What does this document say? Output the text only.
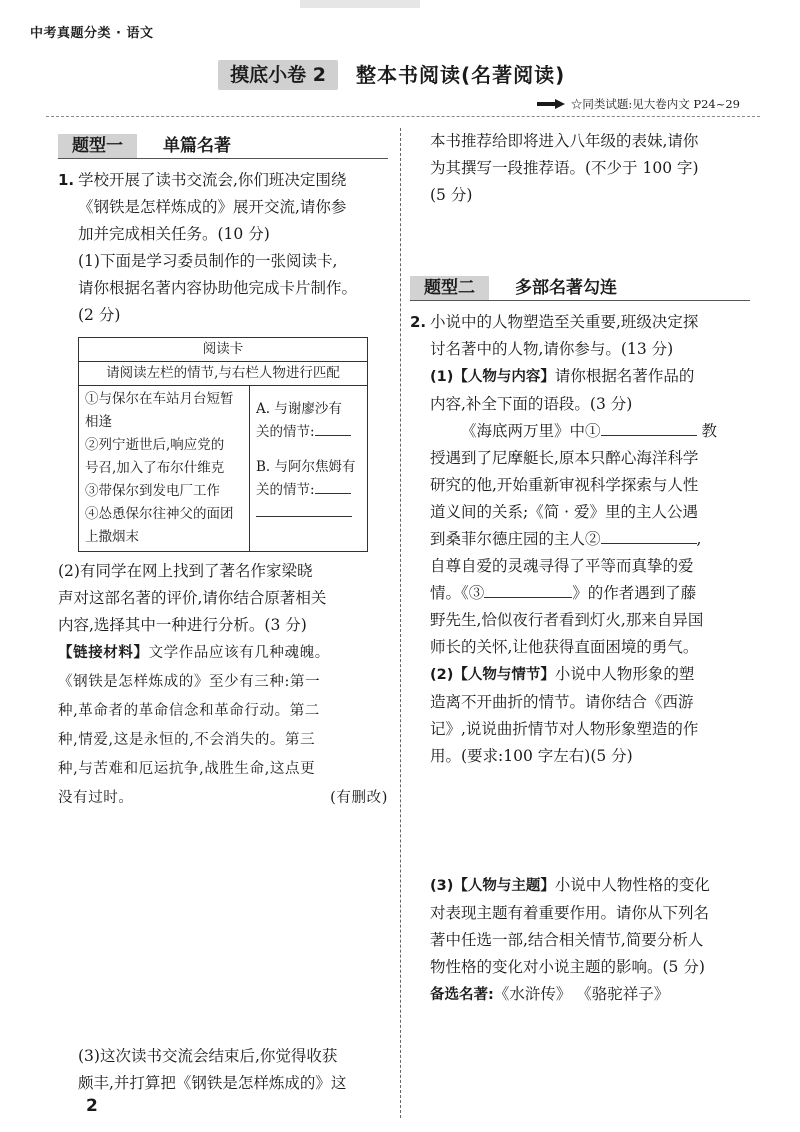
中考真题分类 · 语文
摸底小卷 2	整本书阅读(名著阅读)
☆同类试题:见大卷内文 P24~29
题型一	单篇名著
1. 学校开展了读书交流会,你们班决定围绕

《钢铁是怎样炼成的》展开交流,请你参

加并完成相关任务。(10 分)

(1)下面是学习委员制作的一张阅读卡,

请你根据名著内容协助他完成卡片制作。

(2 分)

阅读卡
请阅读左栏的情节,与右栏人物进行匹配

①与保尔在车站月台短暂
相逢
②列宁逝世后,响应党的
号召,加入了布尔什维克
③带保尔到发电厂工作
④怂恿保尔往神父的面团
上撒烟末

A. 与谢廖沙有
关的情节:
B. 与阿尔焦姆有
关的情节:

(2)有同学在网上找到了著名作家梁晓

声对这部名著的评价,请你结合原著相关

内容,选择其中一种进行分析。(3 分)

【链接材料】文学作品应该有几种魂魄。
《钢铁是怎样炼成的》至少有三种:第一
种,革命者的革命信念和革命行动。第二
种,情爱,这是永恒的,不会消失的。第三
种,与苦难和厄运抗争,战胜生命,这点更
没有过时。	(有删改)

(3)这次读书交流会结束后,你觉得收获

颇丰,并打算把《钢铁是怎样炼成的》这

2

本书推荐给即将进入八年级的表妹,请你

为其撰写一段推荐语。(不少于 100 字)

(5 分)

题型二	多部名著勾连
2. 小说中的人物塑造至关重要,班级决定探

讨名著中的人物,请你参与。(13 分)

(1)【人物与内容】请你根据名著作品的

内容,补全下面的语段。(3 分)

《海底两万里》中①	教

授遇到了尼摩艇长,原本只醉心海洋科学

研究的他,开始重新审视科学探索与人性

道义间的关系;《简 · 爱》里的主人公遇

到桑菲尔德庄园的主人②	,

自尊自爱的灵魂寻得了平等而真挚的爱

情。《③	》的作者遇到了藤

野先生,恰似夜行者看到灯火,那来自异国

师长的关怀,让他获得直面困境的勇气。

(2)【人物与情节】小说中人物形象的塑

造离不开曲折的情节。请你结合《西游

记》,说说曲折情节对人物形象塑造的作

用。(要求:100 字左右)(5 分)

(3)【人物与主题】小说中人物性格的变化

对表现主题有着重要作用。请你从下列名

著中任选一部,结合相关情节,简要分析人

物性格的变化对小说主题的影响。(5 分)

备选名著:《水浒传》 《骆驼祥子》
